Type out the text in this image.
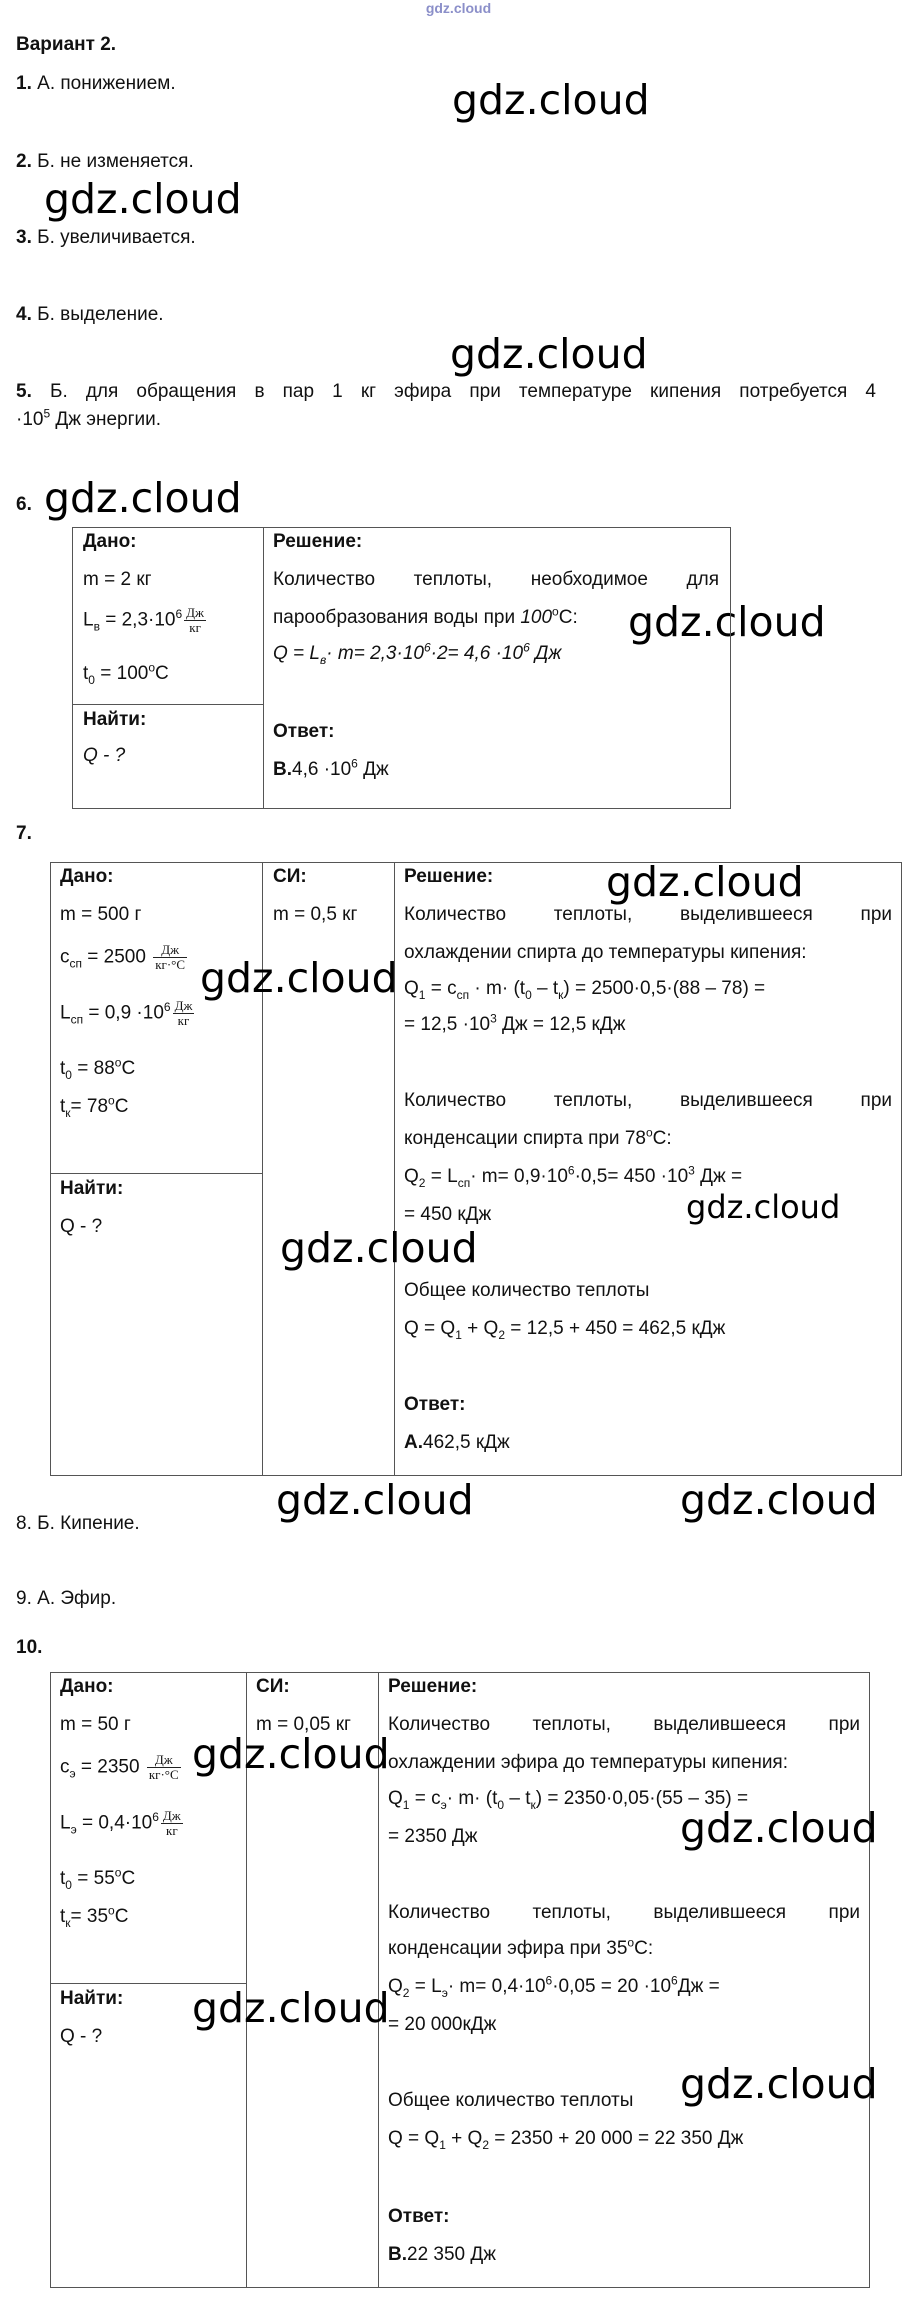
gdz.cloud
Вариант 2.
1. А. понижением.
2. Б. не изменяется.
3. Б. увеличивается.
4. Б. выделение.
5. Б. для обращения в пар 1 кг эфира при температуре кипения потребуется 4
$\cdot 10^5$ Дж энергии.
gdz.cloud
gdz.cloud
gdz.cloud
gdz.cloud
gdz.cloud
6.
Дано:
m = 2 кг
$L_в = 2,3\cdot 10^6 \frac{Дж}{кг}$
$t_0 = 100^oC$
Найти:
Q - ?
Решение:
Количество теплоты, необходимое для
парообразования воды при 100$^o$С:
$Q = L_в\cdot m= 2,3\cdot 10^6\cdot 2= 4,6 \cdot 10^6$ Дж
Ответ:
$В.4,6 \cdot 10^6$ Дж
7.
Дано:
m = 500 г
$c_{сп} = 2500 \frac{Дж}{кг\cdot^\circ C}$
$L_{сп} = 0,9 \cdot 10^6 \frac{Дж}{кг}$
$t_0 = 88^oC$
$t_к= 78^oC$
Найти:
Q - ?
СИ:
m = 0,5 кг
Решение:
Количество теплоты, выделившееся при
охлаждении спирта до температуры кипения:
$Q_1 = c_{сп} \cdot m\cdot (t_0 - t_к) = 2500\cdot 0,5\cdot(88 - 78)$ =
= $12,5 \cdot 10^3$ Дж = 12,5 кДж
Количество теплоты, выделившееся при
конденсации спирта при 78$^o$С:
$Q_2 = L_{сп}\cdot m= 0,9\cdot 10^6\cdot 0,5= 450 \cdot 10^3$ Дж =
= 450 кДж
Общее количество теплоты
$Q = Q_1 + Q_2 = 12,5 + 450 = 462,5$ кДж
Ответ:
А.462,5 кДж
gdz.cloud
gdz.cloud
gdz.cloud
gdz.cloud
gdz.cloud	gdz.cloud
8. Б. Кипение.
9. А. Эфир.
10.
Дано:
m = 50 г
$c_э = 2350 \frac{Дж}{кг\cdot^\circ C}$
$L_э = 0,4\cdot 10^6 \frac{Дж}{кг}$
$t_0 = 55^oC$
$t_к= 35^oC$
Найти:
Q - ?
СИ:
m = 0,05 кг
Решение:
Количество теплоты, выделившееся при
охлаждении эфира до температуры кипения:
$Q_1 = c_э\cdot m\cdot (t_0 - t_к) = 2350\cdot 0,05\cdot(55 - 35)$ =
= 2350 Дж
Количество теплоты, выделившееся при
конденсации эфира при 35$^o$С:
$Q_2 = L_э\cdot m= 0,4\cdot 10^6\cdot 0,05 = 20 \cdot 10^6Дж$ =
= 20 000кДж
Общее количество теплоты
$Q = Q_1 + Q_2 = 2350 + 20$ 000 = 22 350 Дж
Ответ:
В.22 350 Дж
gdz.cloud
gdz.cloud
gdz.cloud
gdz.cloud
